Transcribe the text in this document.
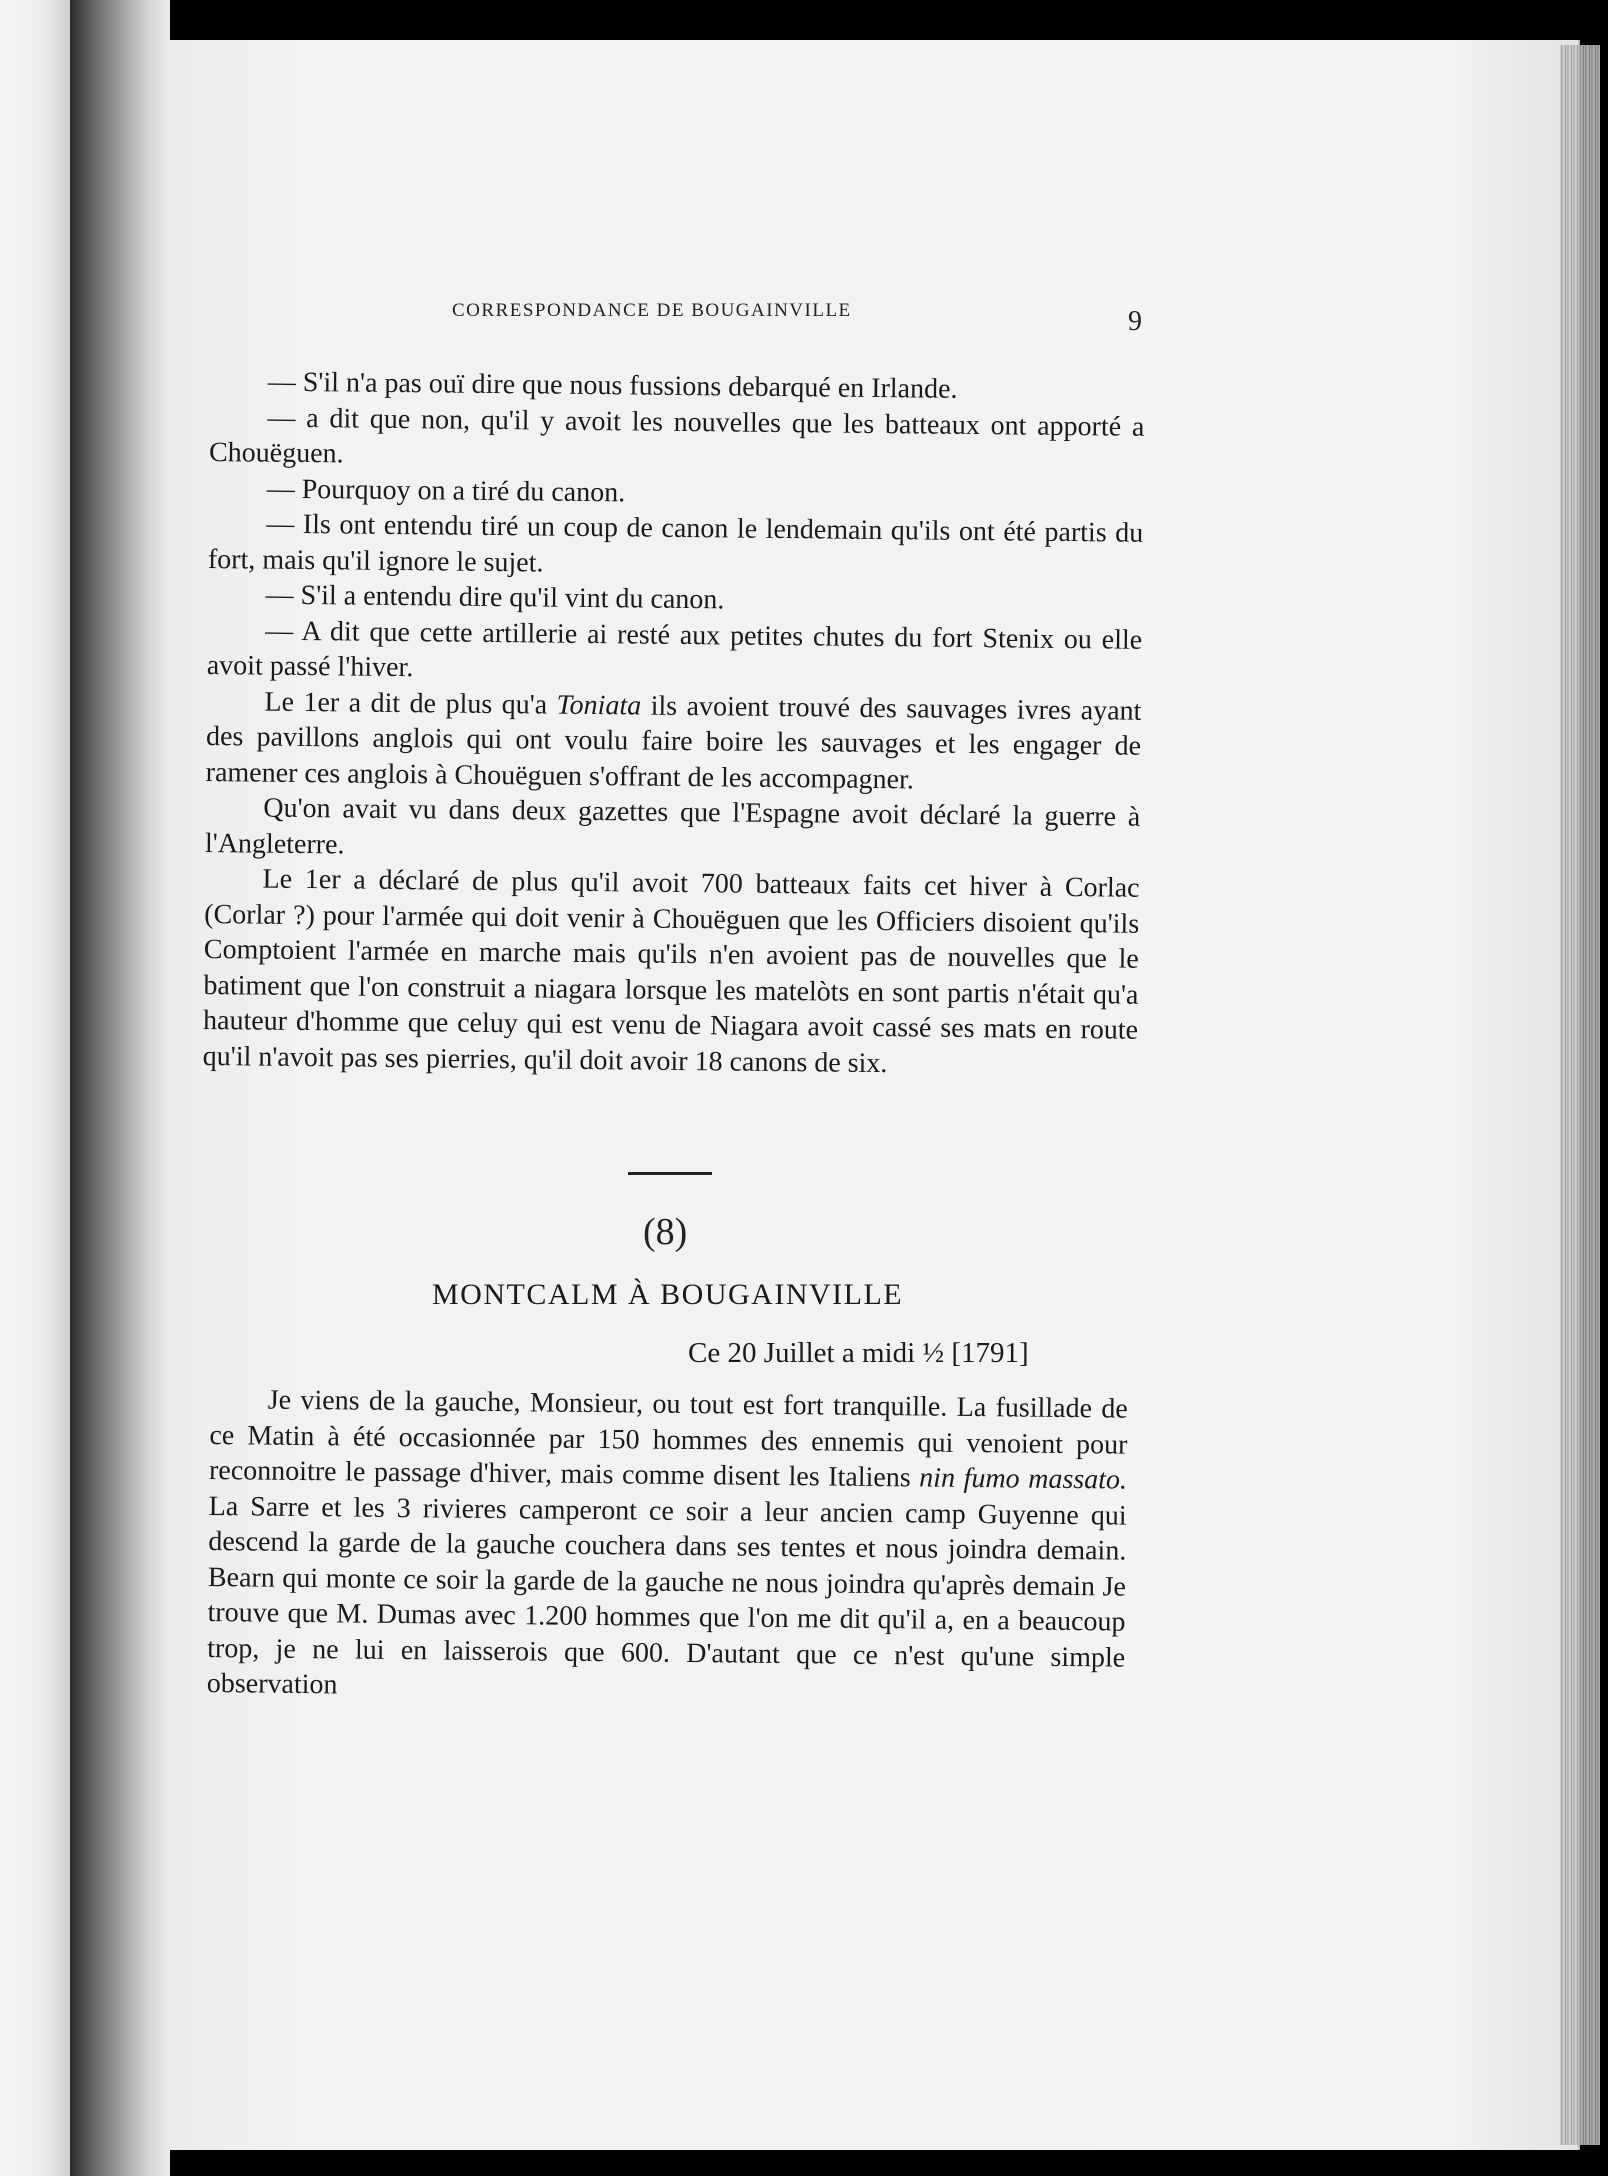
CORRESPONDANCE DE BOUGAINVILLE	9

— S'il n'a pas ouï dire que nous fussions debarqué en Irlande.

— a dit que non, qu'il y avoit les nouvelles que les batteaux ont apporté a Chouëguen.

— Pourquoy on a tiré du canon.

— Ils ont entendu tiré un coup de canon le lendemain qu'ils ont été partis du fort, mais qu'il ignore le sujet.

— S'il a entendu dire qu'il vint du canon.

— A dit que cette artillerie ai resté aux petites chutes du fort Stenix ou elle avoit passé l'hiver.

Le 1er a dit de plus qu'a Toniata ils avoient trouvé des sauvages ivres ayant des pavillons anglois qui ont voulu faire boire les sauvages et les engager de ramener ces anglois à Chouëguen s'offrant de les accompagner.

Qu'on avait vu dans deux gazettes que l'Espagne avoit déclaré la guerre à l'Angleterre.

Le 1er a déclaré de plus qu'il avoit 700 batteaux faits cet hiver à Corlac (Corlar ?) pour l'armée qui doit venir à Chouëguen que les Officiers disoient qu'ils Comptoient l'armée en marche mais qu'ils n'en avoient pas de nouvelles que le batiment que l'on construit a niagara lorsque les matelòts en sont partis n'était qu'a hauteur d'homme que celuy qui est venu de Niagara avoit cassé ses mats en route qu'il n'avoit pas ses pierries, qu'il doit avoir 18 canons de six.

(8)
MONTCALM À BOUGAINVILLE
Ce 20 Juillet a midi ½ [1791]

Je viens de la gauche, Monsieur, ou tout est fort tranquille. La fusillade de ce Matin à été occasionnée par 150 hommes des ennemis qui venoient pour reconnoitre le passage d'hiver, mais comme disent les Italiens nin fumo massato. La Sarre et les 3 rivieres camperont ce soir a leur ancien camp Guyenne qui descend la garde de la gauche couchera dans ses tentes et nous joindra demain. Bearn qui monte ce soir la garde de la gauche ne nous joindra qu'après demain Je trouve que M. Dumas avec 1.200 hommes que l'on me dit qu'il a, en a beaucoup trop, je ne lui en laisserois que 600. D'autant que ce n'est qu'une simple observation
